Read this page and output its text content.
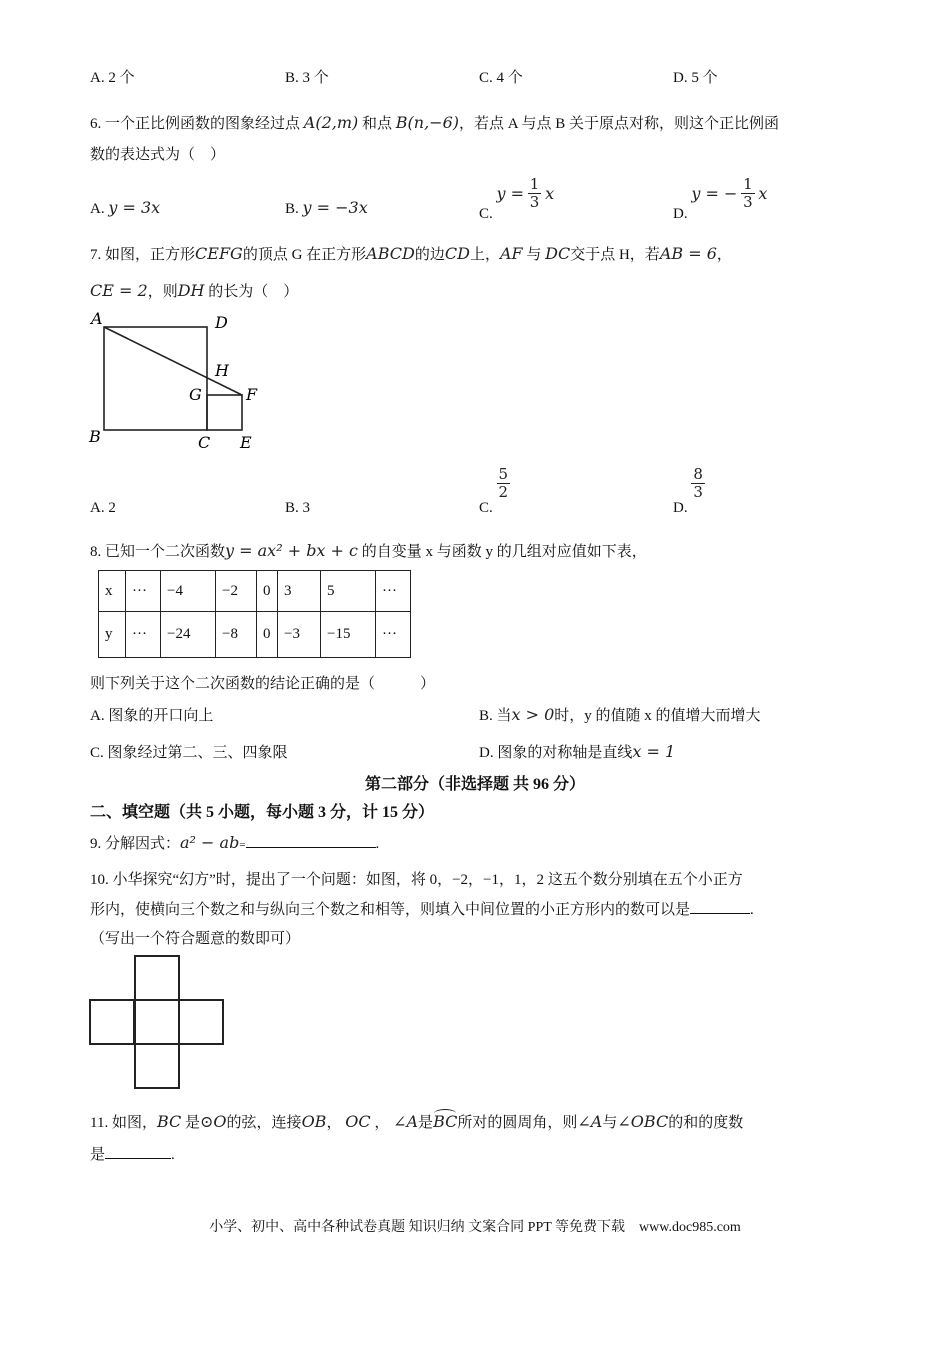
A. 2 个	B. 3 个	C. 4 个	D. 5 个
6. 一个正比例函数的图象经过点 A(2,m) 和点 B(n,−6)，若点 A 与点 B 关于原点对称，则这个正比例函
数的表达式为（　）
A. y = 3x	B. y = −3x	C. $y = \frac{1}{3}$ x
D. y = − $\frac{1}{3}$ x
7. 如图，正方形CEFG的顶点 G 在正方形ABCD的边CD上，AF 与 DC交于点 H，若AB = 6，
CE = 2，则DH 的长为（　）
A	D
H
G	F
B	C E
A. 2	B. 3	C.
$\frac{5}{2}$
D.
$\frac{8}{3}$
8. 已知一个二次函数y = ax² + bx + c 的自变量 x 与函数 y 的几组对应值如下表，
x	···	−4	−2	0	3	5	···
y	···	−24	−8	0	−3	−15	···
则下列关于这个二次函数的结论正确的是（　　　）
A. 图象的开口向上	B. 当x > 0时，y 的值随 x 的值增大而增大
C. 图象经过第二、三、四象限	D. 图象的对称轴是直线x = 1
第二部分（非选择题 共 96 分）
二、填空题（共 5 小题，每小题 3 分，计 15 分）
9. 分解因式：a² − ab=	.
10. 小华探究“幻方”时，提出了一个问题：如图，将 0，−2，−1，1，2 这五个数分别填在五个小正方
形内，使横向三个数之和与纵向三个数之和相等，则填入中间位置的小正方形内的数可以是	.
（写出一个符合题意的数即可）
11. 如图，BC 是⊙O的弦，连接OB， OC ， ∠A是
BC所对的圆周角，则∠A与∠OBC的和的度数
是	.
小学、初中、高中各种试卷真题 知识归纳 文案合同 PPT 等免费下载　www.doc985.com
